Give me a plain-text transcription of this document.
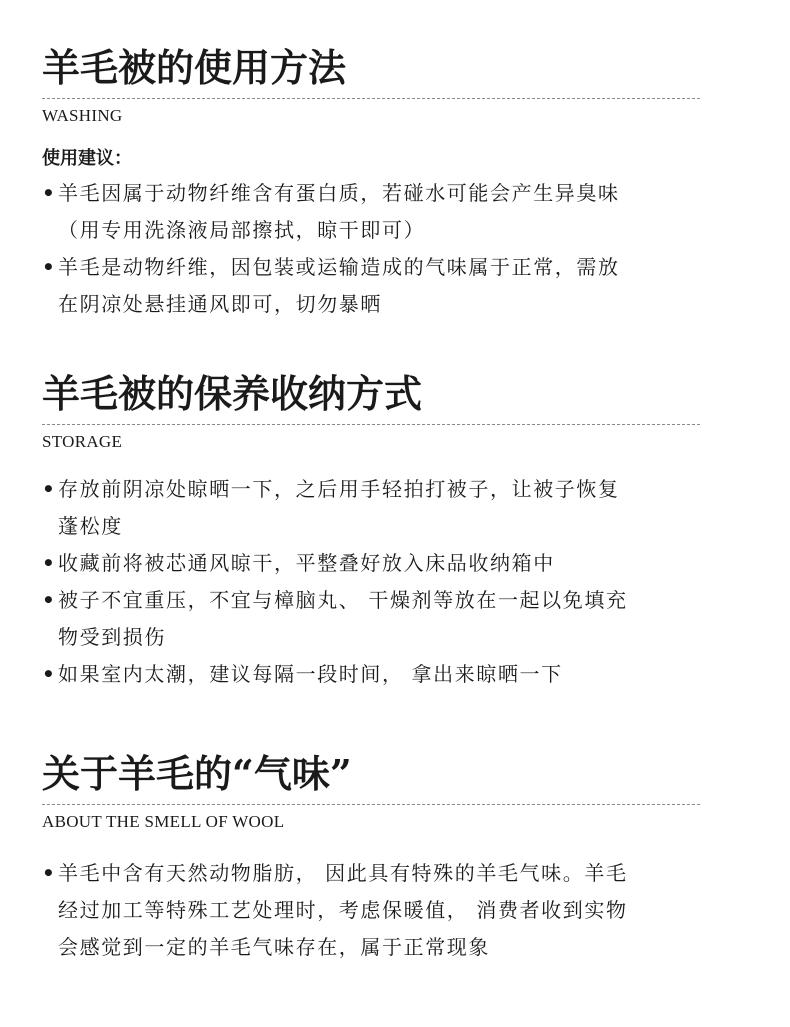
羊毛被的使用方法
WASHING
使用建议：
• 羊毛因属于动物纤维含有蛋白质，若碰水可能会产生异臭味
（用专用洗涤液局部擦拭，晾干即可）
• 羊毛是动物纤维，因包装或运输造成的气味属于正常，需放
在阴凉处悬挂通风即可，切勿暴晒
羊毛被的保养收纳方式
STORAGE
• 存放前阴凉处晾晒一下，之后用手轻拍打被子，让被子恢复
蓬松度
• 收藏前将被芯通风晾干，平整叠好放入床品收纳箱中
• 被子不宜重压，不宜与樟脑丸、 干燥剂等放在一起以免填充
物受到损伤
• 如果室内太潮，建议每隔一段时间， 拿出来晾晒一下
关于羊毛的“气味”
ABOUT THE SMELL OF WOOL
• 羊毛中含有天然动物脂肪， 因此具有特殊的羊毛气味。羊毛
经过加工等特殊工艺处理时，考虑保暖值， 消费者收到实物
会感觉到一定的羊毛气味存在，属于正常现象
